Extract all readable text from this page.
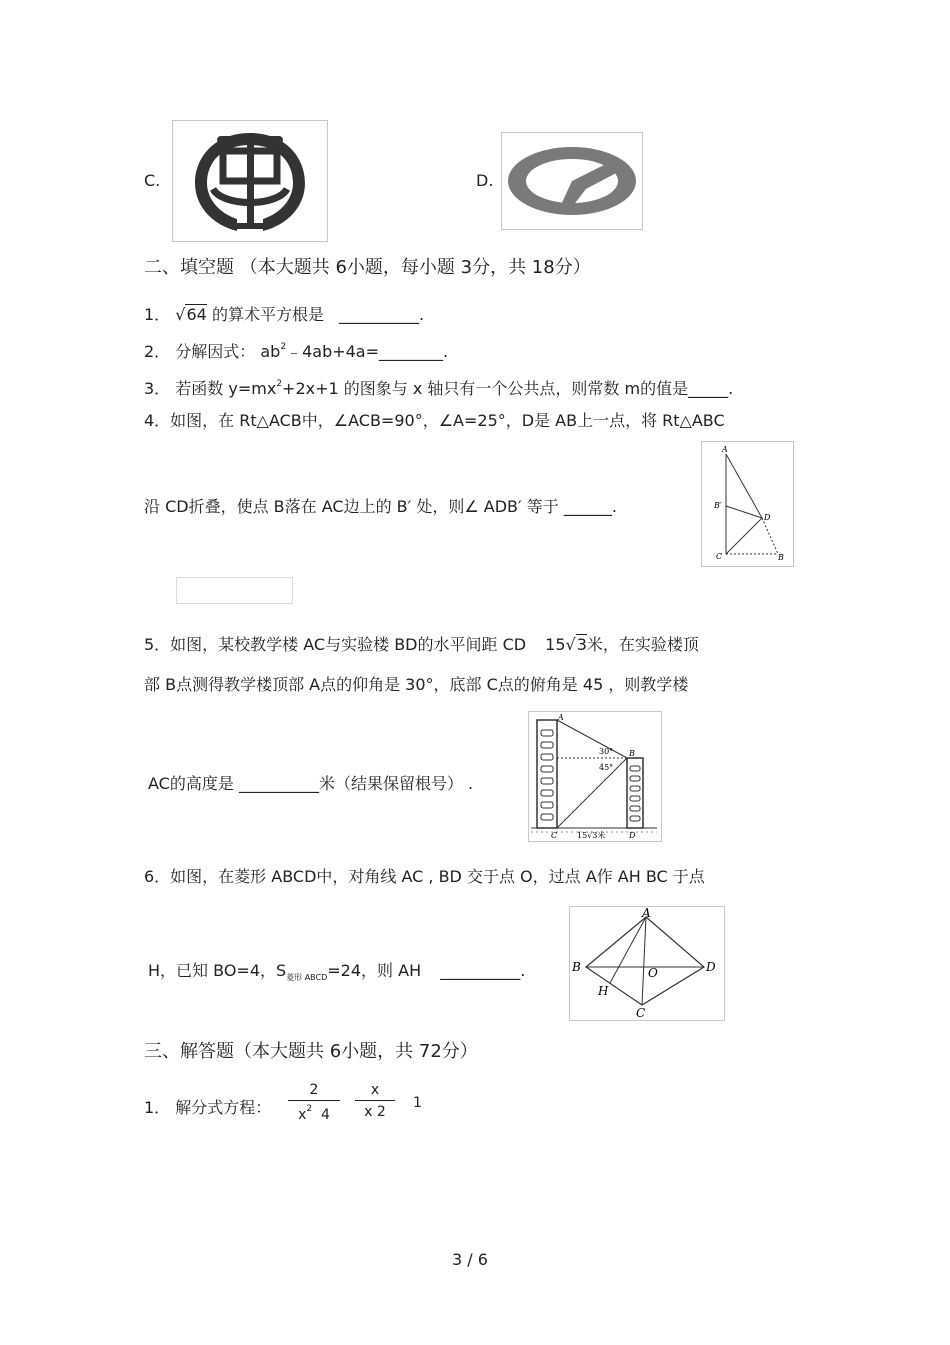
C.	D.
二、填空题 （本大题共 6小题，每小题 3分，共 18分）
1． √64 的算术平方根是 __________.
2． 分解因式： $ab^2﹣4ab+4a=\_\_\_\_\_\_\_\_$.
3． 若函数 $y=mx^2+2x+1$ 的图象与 x 轴只有一个公共点，则常数 m的值是_____.
4．如图，在 Rt△ACB中，∠ACB=90°，∠A=25°，D是 AB上一点，将 Rt△ABC
沿 CD折叠，使点 B落在 AC边上的 B′ 处，则∠ ADB′ 等于 ______.
A
B′
D
C	B
5．如图，某校教学楼 AC与实验楼 BD的水平间距 CD 15√3米，在实验楼顶
部 B点测得教学楼顶部 A点的仰角是 30°，底部 C点的俯角是 45 ，则教学楼
AC的高度是 __________米（结果保留根号） .
A
B
30°
45°
C 15√3米	D
6．如图，在菱形 ABCD中，对角线 AC , BD 交于点 O，过点 A作 AH BC 于点
H，已知 BO=4，$S_{菱形 ABCD}=24$，则 AH __________.
A
B	O	D
H
C
三、解答题（本大题共 6小题，共 72分）
1． 解分式方程： $\frac{2}{x^2 4} \frac{x}{x 2} 1$
3 / 6
